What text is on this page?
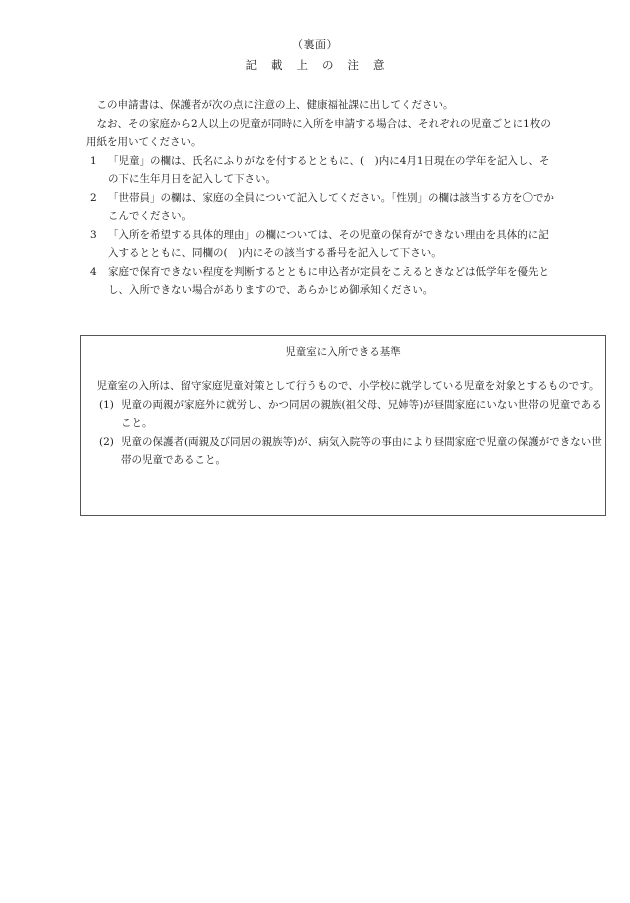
（裏面）
記載上の注意

この申請書は、保護者が次の点に注意の上、健康福祉課に出してください。

なお、その家庭から2人以上の児童が同時に入所を申請する場合は、それぞれの児童ごとに1枚の用紙を用いてください。

1 「児童」の欄は、氏名にふりがなを付するとともに、(　)内に4月1日現在の学年を記入し、その下に生年月日を記入して下さい。

2 「世帯員」の欄は、家庭の全員について記入してください。「性別」の欄は該当する方を〇でかこんでください。

3 「入所を希望する具体的理由」の欄については、その児童の保育ができない理由を具体的に記入するとともに、同欄の(　)内にその該当する番号を記入して下さい。

4 家庭で保育できない程度を判断するとともに申込者が定員をこえるときなどは低学年を優先とし、入所できない場合がありますので、あらかじめ御承知ください。

児童室に入所できる基準

児童室の入所は、留守家庭児童対策として行うもので、小学校に就学している児童を対象とするものです。

(1) 児童の両親が家庭外に就労し、かつ同居の親族(祖父母、兄姉等)が昼間家庭にいない世帯の児童であること。

(2) 児童の保護者(両親及び同居の親族等)が、病気入院等の事由により昼間家庭で児童の保護ができない世帯の児童であること。
